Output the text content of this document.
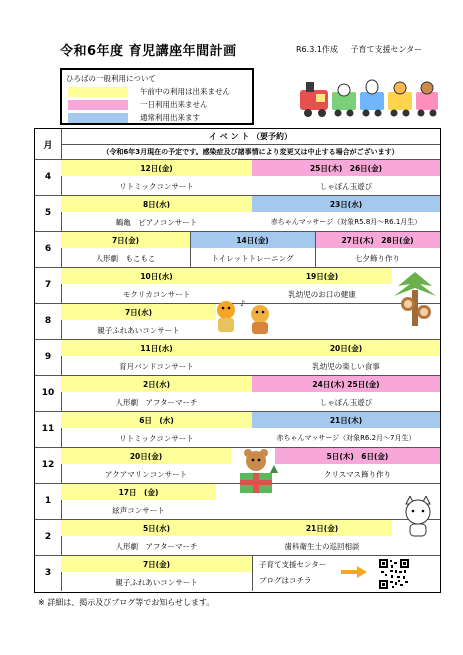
令和6年度 育児講座年間計画	R6.3.1作成 子育て支援センター
ひろばの一般利用について
午前中の利用は出来ません
一日利用出来ません
通常利用出来ます
月
イ ベ ン ト （要予約）
（令和6年3月現在の予定です。感染症及び諸事情により変更又は中止する場合がございます）
4
12日(金)	25日(木)　26日(金)
リトミックコンサート	しゃぼん玉遊び
5
8日(水)	23日(水)
鶴亀　ピアノコンサート	赤ちゃんマッサージ（対象R5.8月～R6.1月生）
6
7日(金)	14日(金)	27日(木)　28日(金)
人形劇　もこもこ	トイレットトレーニング	七夕飾り作り
7
10日(水)	19日(金)
モクリカコンサート	乳幼児のお口の健康
8
7日(水)
親子ふれあいコンサート
9
11日(水)	20日(金)
育月バンドコンサート	乳幼児の楽しい食事
10
2日(水)	24日(木) 25日(金)
人形劇　アフターマーチ	しゃぼん玉遊び
11
6日　(水)	21日(木)
リトミックコンサート	赤ちゃんマッサージ（対象R6.2月～7月生）
12
20日(金)	5日(木)　6日(金)
アクアマリンコンサート	クリスマス飾り作り
1
17日　(金)
絃声コンサート
2
5日(水)	21日(金)
人形劇　アフターマーチ	歯科衛生士の巡回相談
3
7日(金)
親子ふれあいコンサート
子育て支援センター
ブログはコチラ
♪
※ 詳細は、掲示及びブログ等でお知らせします。
